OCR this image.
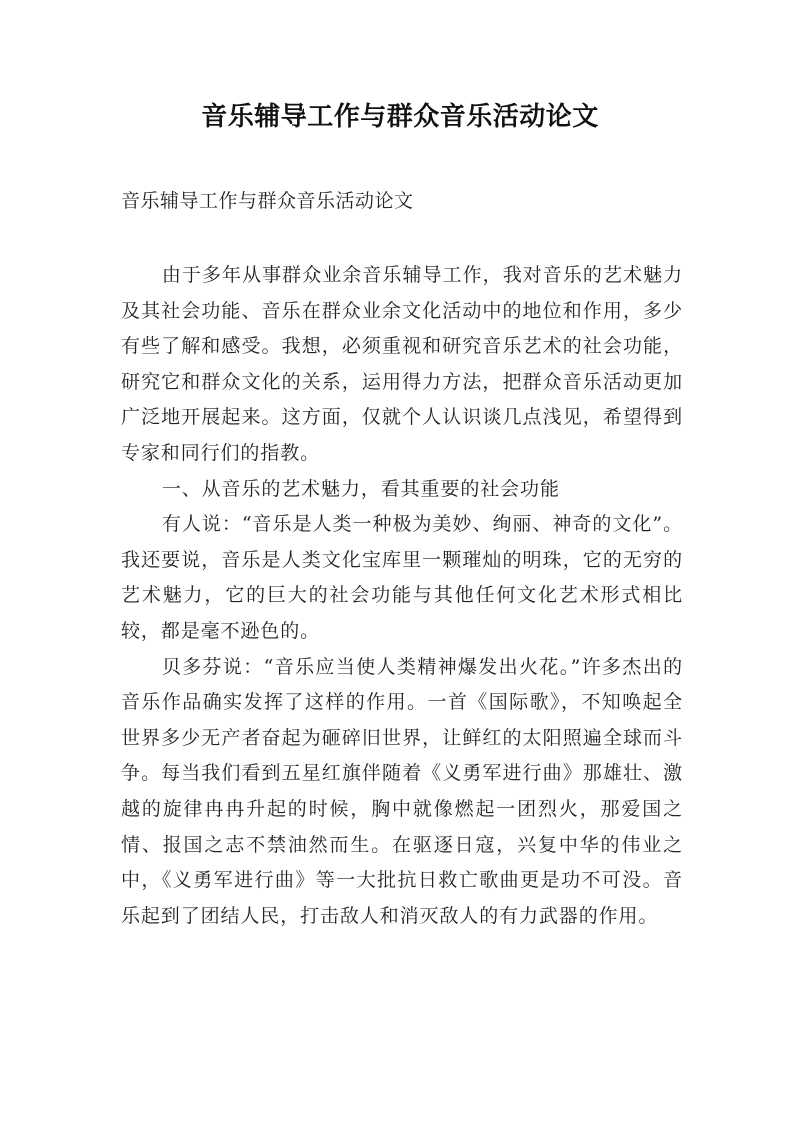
音乐辅导工作与群众音乐活动论文
音乐辅导工作与群众音乐活动论文

由于多年从事群众业余音乐辅导工作，我对音乐的艺术魅力及其社会功能、音乐在群众业余文化活动中的地位和作用，多少有些了解和感受。我想，必须重视和研究音乐艺术的社会功能，研究它和群众文化的关系，运用得力方法，把群众音乐活动更加广泛地开展起来。这方面，仅就个人认识谈几点浅见，希望得到专家和同行们的指教。

一、从音乐的艺术魅力，看其重要的社会功能

有人说：“音乐是人类一种极为美妙、绚丽、神奇的文化”。我还要说，音乐是人类文化宝库里一颗璀灿的明珠，它的无穷的艺术魅力，它的巨大的社会功能与其他任何文化艺术形式相比较，都是毫不逊色的。

贝多芬说：“音乐应当使人类精神爆发出火花。”许多杰出的音乐作品确实发挥了这样的作用。一首《国际歌》，不知唤起全世界多少无产者奋起为砸碎旧世界，让鲜红的太阳照遍全球而斗争。每当我们看到五星红旗伴随着《义勇军进行曲》那雄壮、激越的旋律冉冉升起的时候，胸中就像燃起一团烈火，那爱国之情、报国之志不禁油然而生。在驱逐日寇，兴复中华的伟业之中，《义勇军进行曲》等一大批抗日救亡歌曲更是功不可没。音乐起到了团结人民，打击敌人和消灭敌人的有力武器的作用。
